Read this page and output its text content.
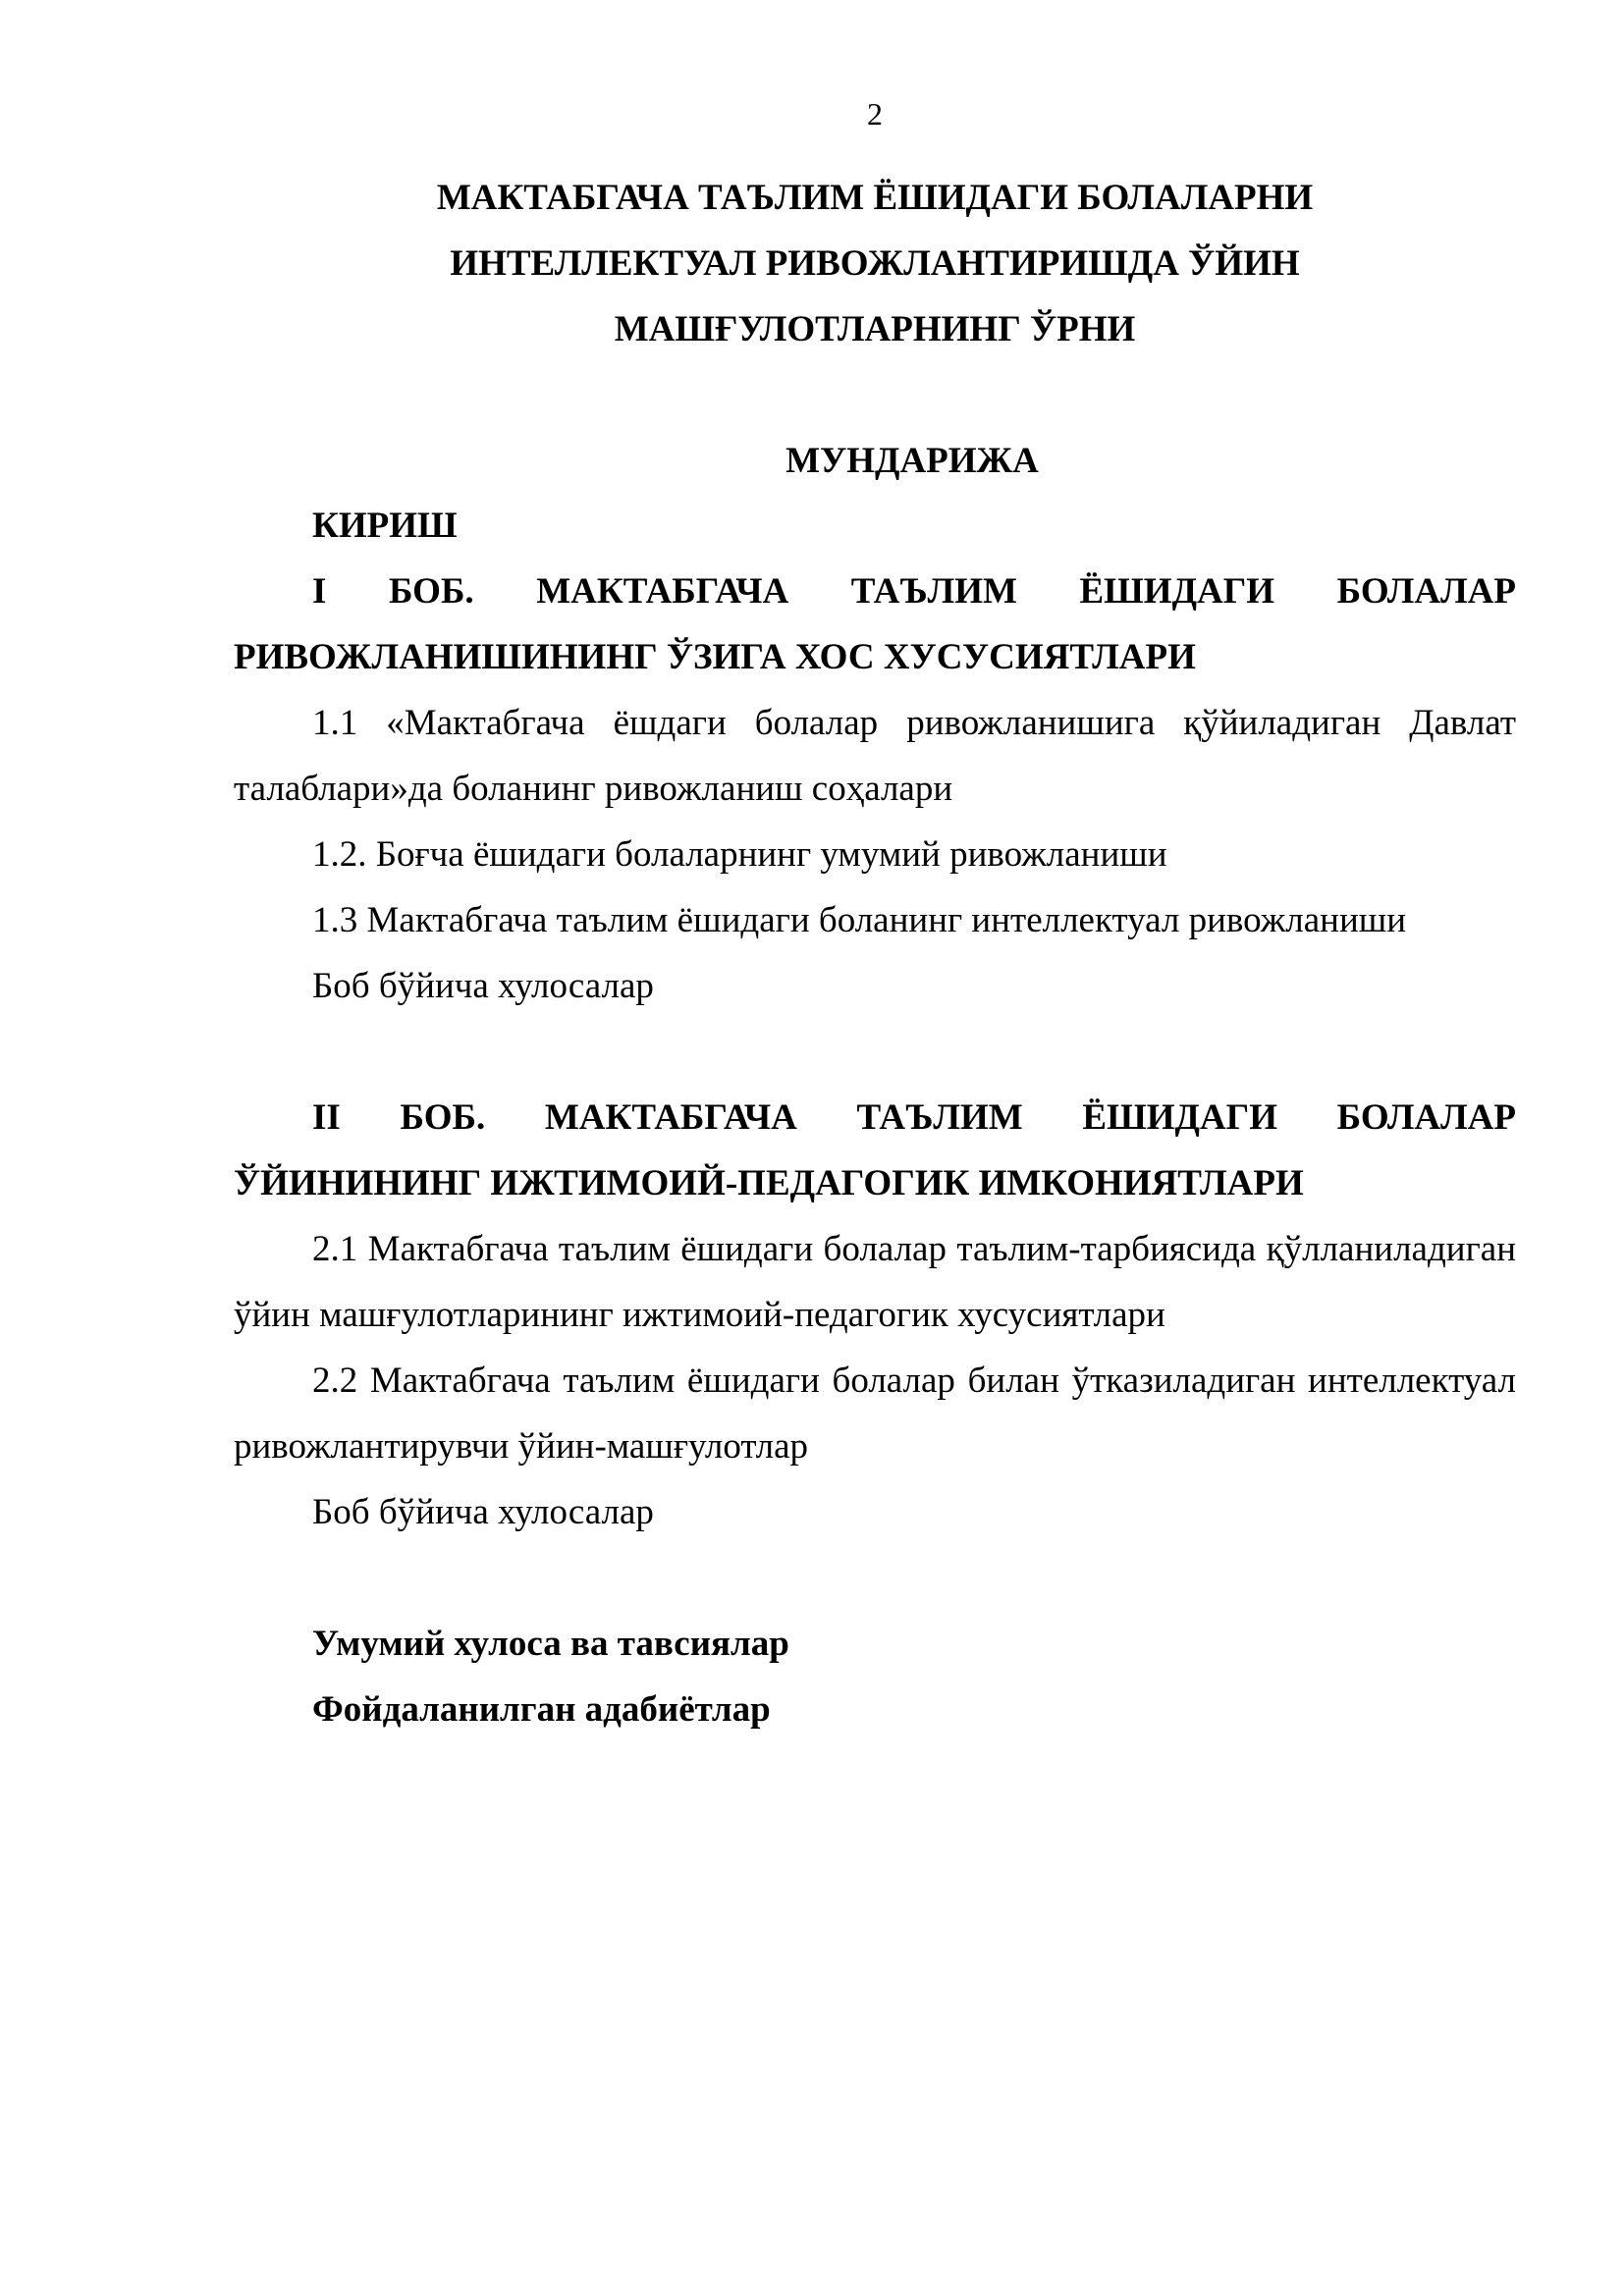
2
МАКТАБГАЧА ТАЪЛИМ ЁШИДАГИ БОЛАЛАРНИ
ИНТЕЛЛЕКТУАЛ РИВОЖЛАНТИРИШДА ЎЙИН
МАШҒУЛОТЛАРНИНГ ЎРНИ
МУНДАРИЖА

КИРИШ

I БОБ. МАКТАБГАЧА ТАЪЛИМ ЁШИДАГИ БОЛАЛАР РИВОЖЛАНИШИНИНГ ЎЗИГА ХОС ХУСУСИЯТЛАРИ

1.1 «Мактабгача ёшдаги болалар ривожланишига қўйиладиган Давлат талаблари»да боланинг ривожланиш соҳалари

1.2. Боғча ёшидаги болаларнинг умумий ривожланиши

1.3 Мактабгача таълим ёшидаги боланинг интеллектуал ривожланиши

Боб бўйича хулосалар

II БОБ. МАКТАБГАЧА ТАЪЛИМ ЁШИДАГИ БОЛАЛАР ЎЙИНИНИНГ ИЖТИМОИЙ-ПЕДАГОГИК ИМКОНИЯТЛАРИ

2.1 Мактабгача таълим ёшидаги болалар таълим-тарбиясида қўлланиладиган ўйин машғулотларининг ижтимоий-педагогик хусусиятлари

2.2 Мактабгача таълим ёшидаги болалар билан ўтказиладиган интеллектуал ривожлантирувчи ўйин-машғулотлар

Боб бўйича хулосалар

Умумий хулоса ва тавсиялар

Фойдаланилган адабиётлар
